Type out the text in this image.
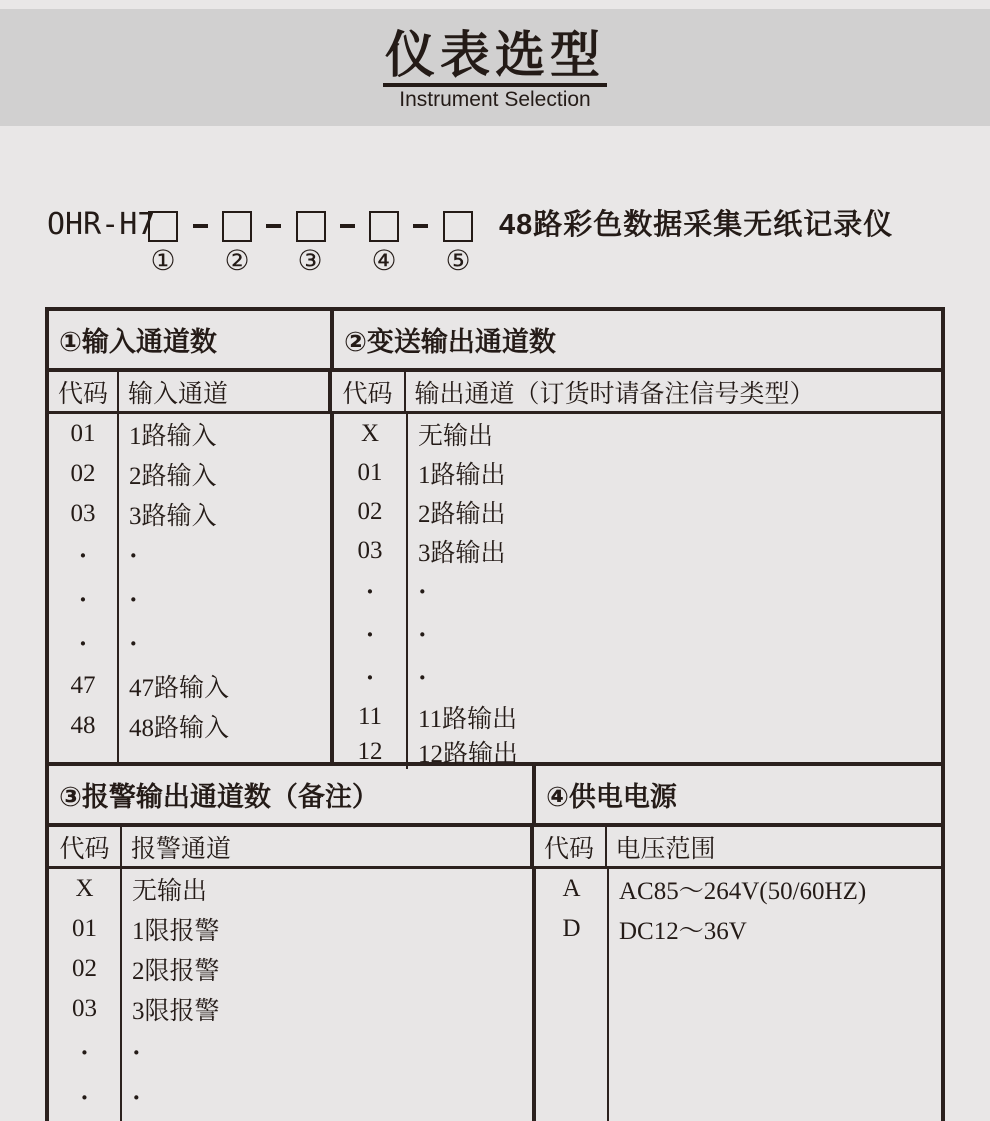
仪表选型
Instrument Selection
OHR-H7	48路彩色数据采集无纸记录仪
① ② ③ ④ ⑤
①输入通道数	②变送输出通道数
代码 输入通道	代码 输出通道（订货时请备注信号类型）
01	1路输入
02	2路输入
03	3路输入
·	·
·	·
·	·
47	47路输入
48	48路输入
X	无输出
01	1路输出
02	2路输出
03	3路输出
·	·
·	·
·	·
11	11路输出
12	12路输出
③报警输出通道数（备注）	④供电电源
代码 报警通道	代码 电压范围
X	无输出
01	1限报警
02	2限报警
03	3限报警
·	·
·	·
A	AC85～264V(50/60HZ)
D	DC12～36V
